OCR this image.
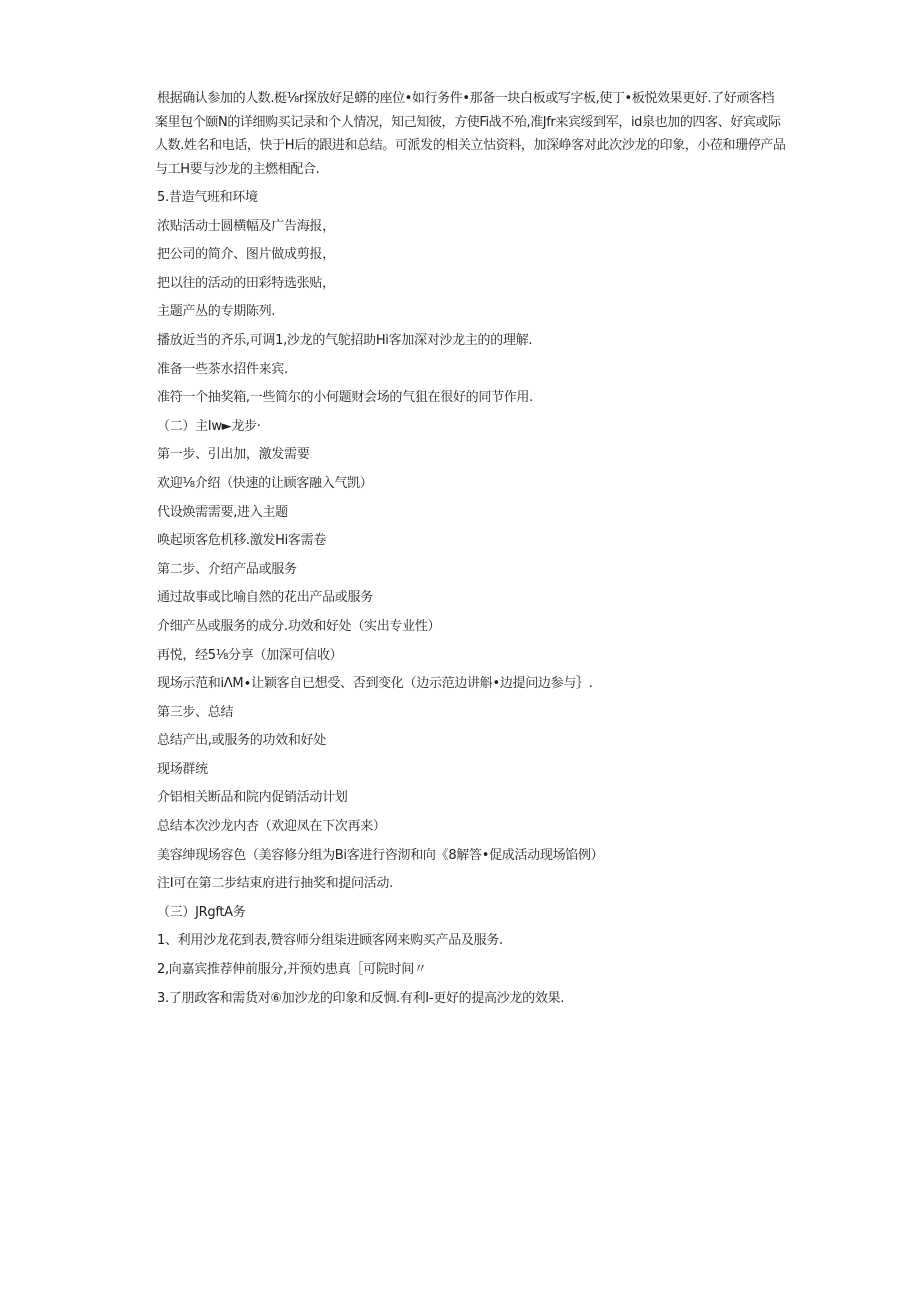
根据确认参加的人数.梃⅛r探放好足蟒的座位•如行务件•那备一块白板或写字板,使丁•板悦效果更好.了好顽客档
案里包个颐N的详细购买记录和个人情况，知己知彼，方使Fi战不殆,准Jfr来宾绥到军，id泉也加的四客、好宾或际
人数.姓名和电话，快于H后的跟进和总结。可派发的相关立怙资料，加深峥客对此次沙龙的印象，小莅和珊停产品
与工H要与沙龙的主燃相配合.
5.昔造气班和环境
浓贴活动士圆横幅及广告海报，
把公司的简介、图片做成剪报，
把以往的活动的田彩特选张贴，
主题产丛的专期陈列.
播放近当的齐乐,可调1,沙龙的气鸵招助Hi客加深对沙龙主的的理解.
准备一些茶水招件来宾.
准符一个抽奖箱,一些简尔的小何题财会场的气狙在很好的同节作用.
（二）主Iw►龙步·
第一步、引出加，激发需要
欢迎⅛介绍（快速的让顾客融入气凯）
代设焕需需要,进入主题
唤起顷客危机移.激发Hi客需卷
第二步、介绍产品或服务
通过故事或比喻自然的花出产品或服务
介细产丛或服务的成分.功效和好处（实出专业性）
再悦，经5⅛分享（加深可信收）
现场示范和iΛM∙让颖客自已想受、否到变化（边示范边讲斛•边提问边参与｝.
第三步、总结
总结产出,或服务的功效和好处
现场群统
介铝相关断品和院内促销活动计划
总结本次沙龙内杏（欢迎凤在下次再来）
美容绅现场容色（美容修分组为Bi客进行咨沏和向《8解答•促成活动现场馅例）
注I可在第二步结束府进行抽奖和提问活动.
（三）JRgftA务
1、利用沙龙花到表,赞容师分组柒进顾客网来购买产品及服务.
2,向嘉宾推荐伸前服分,并预妁患真［可院时间〃
3.了朋政客和需货对⑥加沙龙的印象和反惆.有利I-更好的提高沙龙的效果.
